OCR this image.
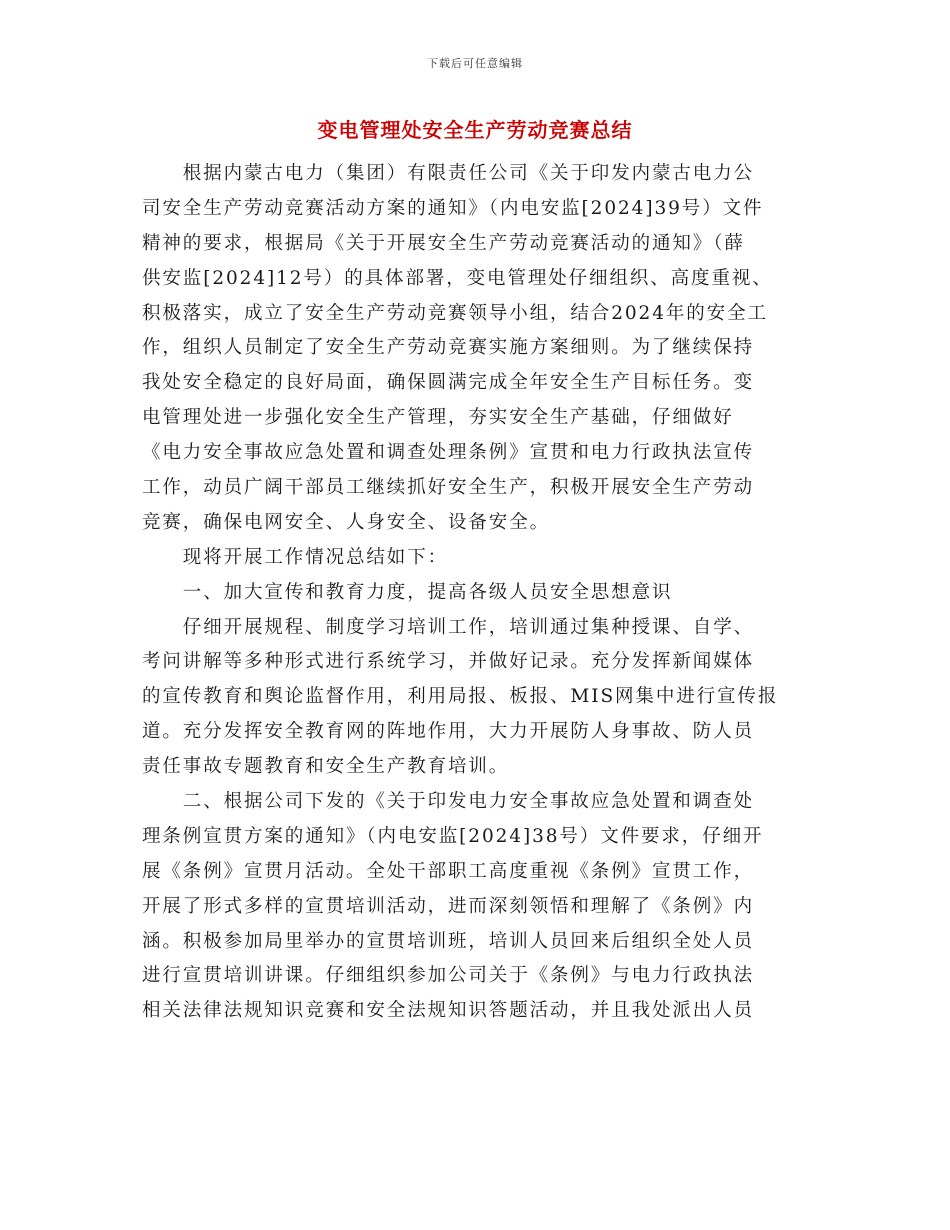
下载后可任意编辑
变电管理处安全生产劳动竞赛总结
　　根据内蒙古电力（集团）有限责任公司《关于印发内蒙古电力公
司安全生产劳动竞赛活动方案的通知》（内电安监[2024]39号）文件
精神的要求，根据局《关于开展安全生产劳动竞赛活动的通知》（薛
供安监[2024]12号）的具体部署，变电管理处仔细组织、高度重视、
积极落实，成立了安全生产劳动竞赛领导小组，结合2024年的安全工
作，组织人员制定了安全生产劳动竞赛实施方案细则。为了继续保持
我处安全稳定的良好局面，确保圆满完成全年安全生产目标任务。变
电管理处进一步强化安全生产管理，夯实安全生产基础，仔细做好
《电力安全事故应急处置和调查处理条例》宣贯和电力行政执法宣传
工作，动员广阔干部员工继续抓好安全生产，积极开展安全生产劳动
竞赛，确保电网安全、人身安全、设备安全。
　　现将开展工作情况总结如下：
　　一、加大宣传和教育力度，提高各级人员安全思想意识
　　仔细开展规程、制度学习培训工作，培训通过集种授课、自学、
考问讲解等多种形式进行系统学习，并做好记录。充分发挥新闻媒体
的宣传教育和舆论监督作用，利用局报、板报、MIS网集中进行宣传报
道。充分发挥安全教育网的阵地作用，大力开展防人身事故、防人员
责任事故专题教育和安全生产教育培训。
　　二、根据公司下发的《关于印发电力安全事故应急处置和调查处
理条例宣贯方案的通知》（内电安监[2024]38号）文件要求，仔细开
展《条例》宣贯月活动。全处干部职工高度重视《条例》宣贯工作，
开展了形式多样的宣贯培训活动，进而深刻领悟和理解了《条例》内
涵。积极参加局里举办的宣贯培训班，培训人员回来后组织全处人员
进行宣贯培训讲课。仔细组织参加公司关于《条例》与电力行政执法
相关法律法规知识竞赛和安全法规知识答题活动，并且我处派出人员
